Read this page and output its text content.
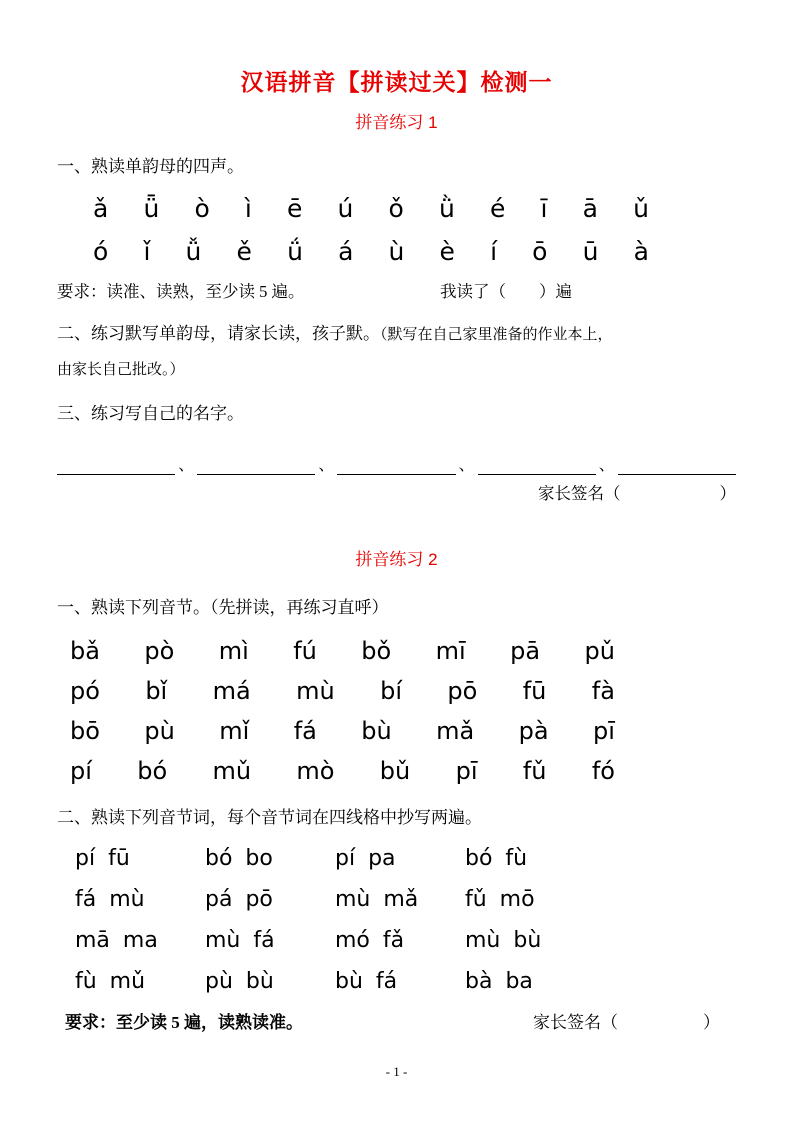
汉语拼音【拼读过关】检测一
拼音练习 1

一、熟读单韵母的四声。

ǎ ǖ ò ì ē ú ǒ ǜ é ī ā ǔ
ó ǐ ǚ ě ǘ á ù è í ō ū à

要求：读准、读熟，至少读 5 遍。	我读了（　　）遍

二、练习默写单韵母，请家长读，孩子默。（默写在自己家里准备的作业本上，
由家长自己批改。）

三、练习写自己的名字。

、	、	、	、
家长签名（　　　　　　）
拼音练习 2

一、熟读下列音节。（先拼读，再练习直呼）

bǎ pò mì fú bǒ mī pā pǔ
pó bǐ má mù bí pō fū fà
bō pù mǐ fá bù mǎ pà pī
pí bó mǔ mò bǔ pī fǔ fó

二、熟读下列音节词，每个音节词在四线格中抄写两遍。

pí fū	bó bo	pí pa	bó fù
fá mù	pá pō	mù mǎ	fǔ mō
mā ma	mù fá	mó fǎ	mù bù
fù mǔ	pù bù	bù fá	bà ba
要求：至少读 5 遍，读熟读准。	家长签名（　　　　　）
- 1 -
